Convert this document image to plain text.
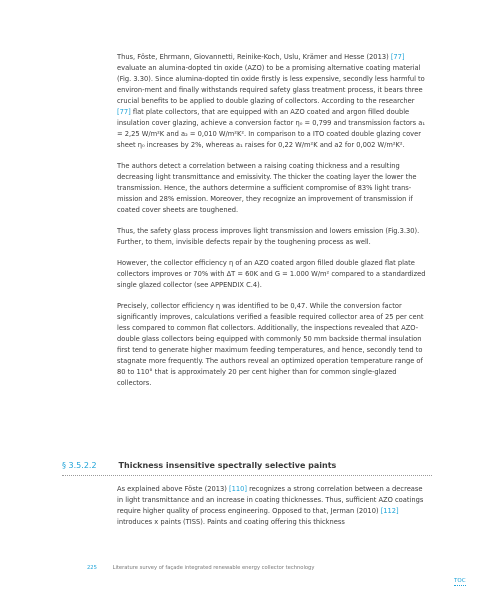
Thus, Föste, Ehrmann, Giovannetti, Reinike-Koch, Uslu, Krämer and Hesse (2013) [77] evaluate an alumina-dopted tin oxide (AZO) to be a promising alternative coating material (Fig. 3.30). Since alumina-dopted tin oxide firstly is less expensive, secondly less harmful to environ-ment and finally withstands required safety glass treatment process, it bears three crucial benefits to be applied to double glazing of collectors. According to the researcher [77] flat plate collectors, that are equipped with an AZO coated and argon filled double insulation cover glazing, achieve a conversion factor η₀ = 0,799 and transmission factors a₁ = 2,25 W/m²K and a₂ = 0,010 W/m²K². In comparison to a ITO coated double glazing cover sheet η₀ increases by 2%, whereas a₁ raises for 0,22 W/m²K and a2 for 0,002 W/m²K².

The authors detect a correlation between a raising coating thickness and a resulting decreasing light transmittance and emissivity. The thicker the coating layer the lower the transmission. Hence, the authors determine a sufficient compromise of 83% light trans-mission and 28% emission. Moreover, they recognize an improvement of transmission if coated cover sheets are toughened.

Thus, the safety glass process improves light transmission and lowers emission (Fig.3.30). Further, to them, invisible defects repair by the toughening process as well.

However, the collector efficiency η of an AZO coated argon filled double glazed flat plate collectors improves or 70% with ΔT = 60K and G = 1.000 W/m² compared to a standardized single glazed collector (see APPENDIX C.4).

Precisely, collector efficiency η was identified to be 0,47. While the conversion factor significantly improves, calculations verified a feasible required collector area of 25 per cent less compared to common flat collectors. Additionally, the inspections revealed that AZO-double glass collectors being equipped with commonly 50 mm backside thermal insulation first tend to generate higher maximum feeding temperatures, and hence, secondly tend to stagnate more frequently. The authors reveal an optimized operation temperature range of 80 to 110° that is approximately 20 per cent higher than for common single-glazed collectors.

§ 3.5.2.2	Thickness insensitive spectrally selective paints

As explained above Föste (2013) [110] recognizes a strong correlation between a decrease in light transmittance and an increase in coating thicknesses. Thus, sufficient AZO coatings require higher quality of process engineering. Opposed to that, Jerman (2010) [112] introduces x paints (TISS). Paints and coating offering this thickness

225	Literature survey of façade integrated renewable energy collector technology
TOC
